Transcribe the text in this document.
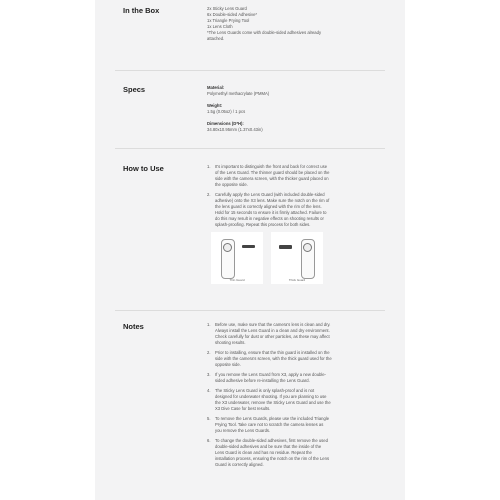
In the Box	2x Sticky Lens Guard
6x Double-sided Adhesive*
1x Triangle Prying Tool
1x Lens Cloth
*The Lens Guards come with double-sided adhesives already
attached.
Specs	Material:
Polymethyl methacrylate (PMMA)
Weight:
1.5g (0.05oz) / 1 pcs
Dimensions (D*H):
34.80x10.95mm (1.37x0.43in)
How to Use	1. It's important to distinguish the front and back for correct use
of the Lens Guard. The thinner guard should be placed on the
side with the camera screen, with the thicker guard placed on
the opposite side.
2. Carefully apply the Lens Guard (with included double-sided
adhesive) onto the X3 lens. Make sure the notch on the rim of
the lens guard is correctly aligned with the rim of the lens.
Hold for 15 seconds to ensure it is firmly attached. Failure to
do this may result in negative effects on shooting results or
splash-proofing. Repeat this process for both sides.
Thin Guard	Thick Guard
Notes	1. Before use, make sure that the camera's lens is clean and dry.
Always install the Lens Guard in a clean and dry environment.
Check carefully for dust or other particles, as these may affect
shooting results.
2. Prior to installing, ensure that the thin guard is installed on the
side with the camera's screen, with the thick guard used for the
opposite side.
3. If you remove the Lens Guard from X3, apply a new double-
sided adhesive before re-installing the Lens Guard.
4. The Sticky Lens Guard is only splash-proof and is not
designed for underwater shooting. If you are planning to use
the X3 underwater, remove the Sticky Lens Guard and use the
X3 Dive Case for best results.
5. To remove the Lens Guards, please use the included Triangle
Prying Tool. Take care not to scratch the camera lenses as
you remove the Lens Guards.
6. To change the double-sided adhesives, first remove the used
double-sided adhesives and be sure that the inside of the
Lens Guard is clean and has no residue. Repeat the
installation process, ensuring the notch on the rim of the Lens
Guard is correctly aligned.
